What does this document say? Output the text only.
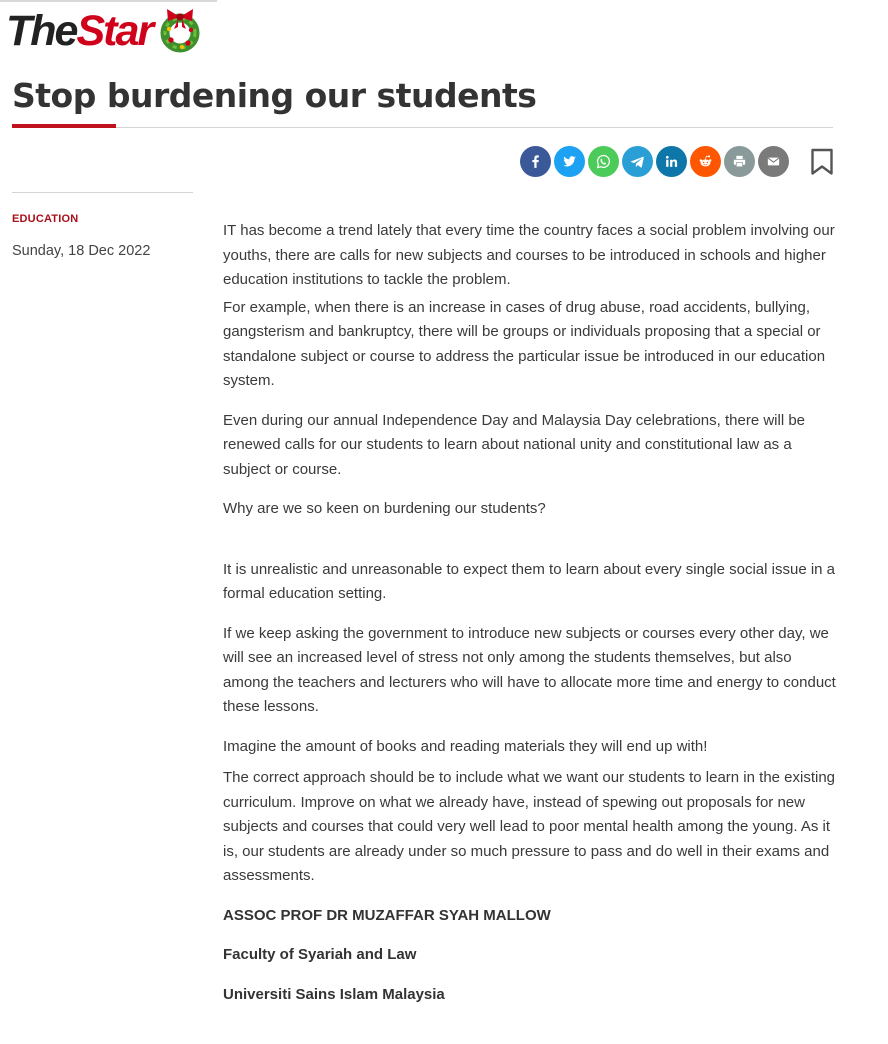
TheStar
Stop burdening our students
EDUCATION
Sunday, 18 Dec 2022

IT has become a trend lately that every time the country faces a social problem involving our youths, there are calls for new subjects and courses to be introduced in schools and higher education institutions to tackle the problem.

For example, when there is an increase in cases of drug abuse, road accidents, bullying, gangsterism and bankruptcy, there will be groups or individuals proposing that a special or standalone subject or course to address the particular issue be introduced in our education system.

Even during our annual Independence Day and Malaysia Day celebrations, there will be renewed calls for our students to learn about national unity and constitutional law as a subject or course.

Why are we so keen on burdening our students?

It is unrealistic and unreasonable to expect them to learn about every single social issue in a formal education setting.

If we keep asking the government to introduce new subjects or courses every other day, we will see an increased level of stress not only among the students themselves, but also among the teachers and lecturers who will have to allocate more time and energy to conduct these lessons.

Imagine the amount of books and reading materials they will end up with!

The correct approach should be to include what we want our students to learn in the existing curriculum. Improve on what we already have, instead of spewing out proposals for new subjects and courses that could very well lead to poor mental health among the young. As it is, our students are already under so much pressure to pass and do well in their exams and assessments.

ASSOC PROF DR MUZAFFAR SYAH MALLOW

Faculty of Syariah and Law

Universiti Sains Islam Malaysia
